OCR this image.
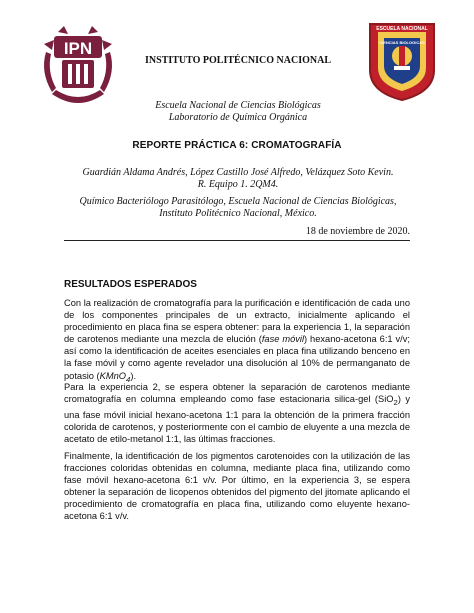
IPN
ESCUELA NACIONAL
CIENCIAS BIOLOGICAS
INSTITUTO POLITÉCNICO NACIONAL
Escuela Nacional de Ciencias Biológicas
Laboratorio de Química Orgánica
REPORTE PRÁCTICA 6: CROMATOGRAFÍA
Guardián Aldama Andrés, López Castillo José Alfredo, Velázquez Soto Kevin. R. Equipo 1. 2QM4.
Químico Bacteriólogo Parasitólogo, Escuela Nacional de Ciencias Biológicas, Instituto Politécnico Nacional, México.
18 de noviembre de 2020.
RESULTADOS ESPERADOS

Con la realización de cromatografía para la purificación e identificación de cada uno de los componentes principales de un extracto, inicialmente aplicando el procedimiento en placa fina se espera obtener: para la experiencia 1, la separación de carotenos mediante una mezcla de elución (fase móvil) hexano-acetona 6:1 v/v; así como la identificación de aceites esenciales en placa fina utilizando benceno en la fase móvil y como agente revelador una disolución al 10% de permanganato de potasio (KMnO$_4$).

Para la experiencia 2, se espera obtener la separación de carotenos mediante cromatografía en columna empleando como fase estacionaria silica-gel (SiO$_2$) y una fase móvil inicial hexano-acetona 1:1 para la obtención de la primera fracción colorida de carotenos, y posteriormente con el cambio de eluyente a una mezcla de acetato de etilo-metanol 1:1, las últimas fracciones.

Finalmente, la identificación de los pigmentos carotenoides con la utilización de las fracciones coloridas obtenidas en columna, mediante placa fina, utilizando como fase móvil hexano-acetona 6:1 v/v. Por último, en la experiencia 3, se espera obtener la separación de licopenos obtenidos del pigmento del jitomate aplicando el procedimiento de cromatografía en placa fina, utilizando como eluyente hexano-acetona 6:1 v/v.
